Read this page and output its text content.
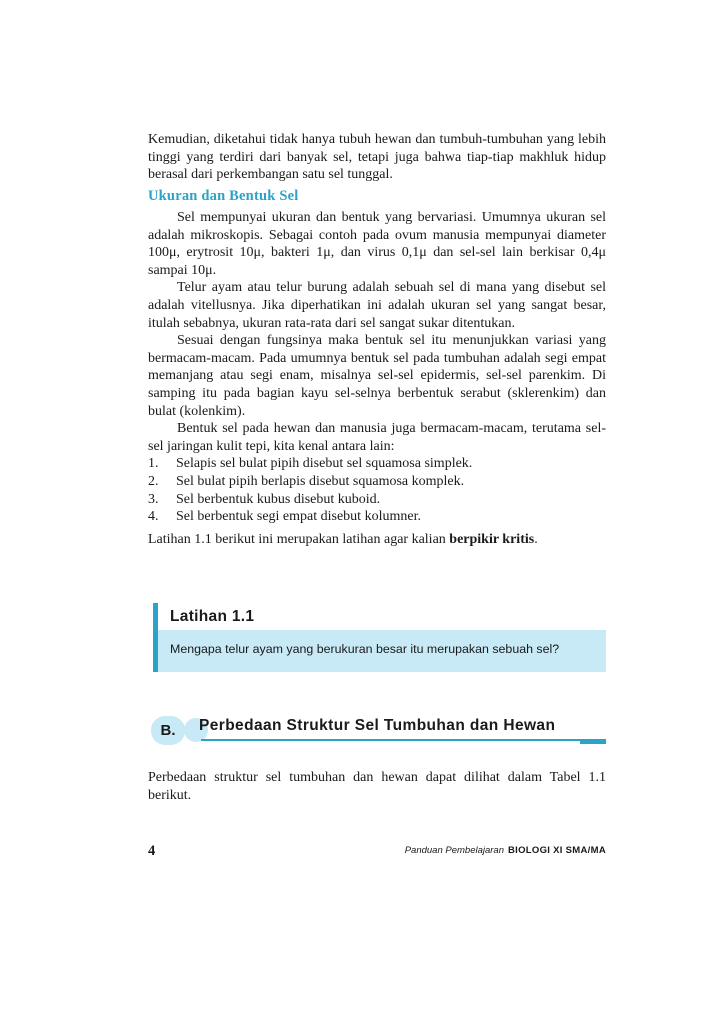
Kemudian, diketahui tidak hanya tubuh hewan dan tumbuh-tumbuhan yang lebih tinggi yang terdiri dari banyak sel, tetapi juga bahwa tiap-tiap makhluk hidup berasal dari perkembangan satu sel tunggal.

Ukuran dan Bentuk Sel

Sel mempunyai ukuran dan bentuk yang bervariasi. Umumnya ukuran sel adalah mikroskopis. Sebagai contoh pada ovum manusia mempunyai diameter 100μ, erytrosit 10μ, bakteri 1μ, dan virus 0,1μ dan sel-sel lain berkisar 0,4μ sampai 10μ.

Telur ayam atau telur burung adalah sebuah sel di mana yang disebut sel adalah vitellusnya. Jika diperhatikan ini adalah ukuran sel yang sangat besar, itulah sebabnya, ukuran rata-rata dari sel sangat sukar ditentukan.

Sesuai dengan fungsinya maka bentuk sel itu menunjukkan variasi yang bermacam-macam. Pada umumnya bentuk sel pada tumbuhan adalah segi empat memanjang atau segi enam, misalnya sel-sel epidermis, sel-sel parenkim. Di samping itu pada bagian kayu sel-selnya berbentuk serabut (sklerenkim) dan bulat (kolenkim).

Bentuk sel pada hewan dan manusia juga bermacam-macam, terutama sel-sel jaringan kulit tepi, kita kenal antara lain:

1.	Selapis sel bulat pipih disebut sel squamosa simplek.
2.	Sel bulat pipih berlapis disebut squamosa komplek.
3.	Sel berbentuk kubus disebut kuboid.
4.	Sel berbentuk segi empat disebut kolumner.

Latihan 1.1 berikut ini merupakan latihan agar kalian berpikir kritis.

Latihan 1.1
Mengapa telur ayam yang berukuran besar itu merupakan sebuah sel?
B.	Perbedaan Struktur Sel Tumbuhan dan Hewan

Perbedaan struktur sel tumbuhan dan hewan dapat dilihat dalam Tabel 1.1 berikut.

4	Panduan Pembelajaran BIOLOGI XI SMA/MA
